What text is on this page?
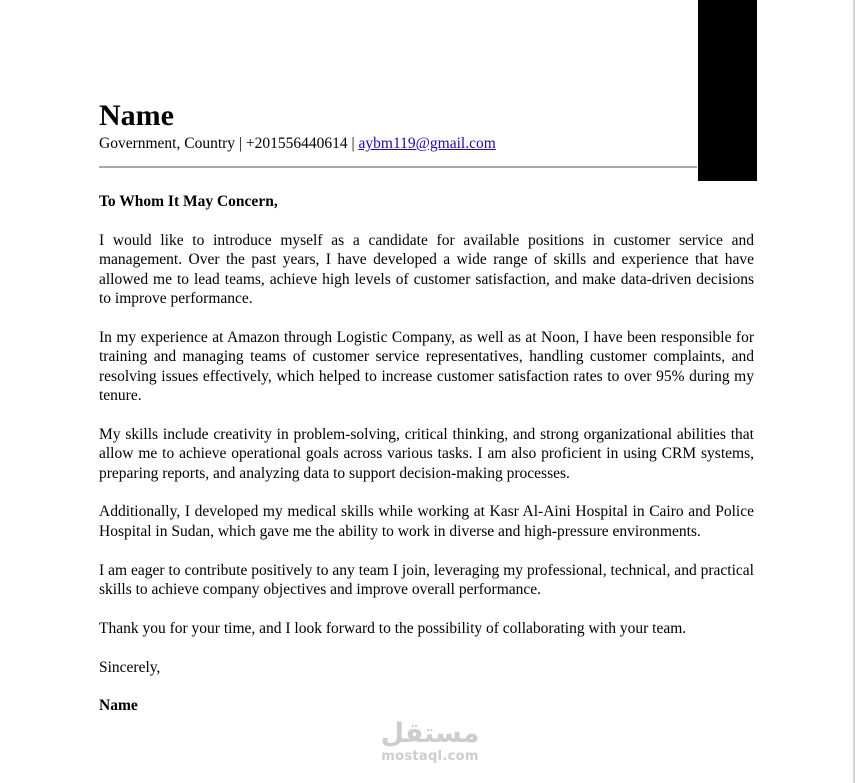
Name
Government, Country | +201556440614 | aybm119@gmail.com

To Whom It May Concern,

I would like to introduce myself as a candidate for available positions in customer service and management. Over the past years, I have developed a wide range of skills and experience that have allowed me to lead teams, achieve high levels of customer satisfaction, and make data-driven decisions to improve performance.

In my experience at Amazon through Logistic Company, as well as at Noon, I have been responsible for training and managing teams of customer service representatives, handling customer complaints, and resolving issues effectively, which helped to increase customer satisfaction rates to over 95% during my tenure.

My skills include creativity in problem-solving, critical thinking, and strong organizational abilities that allow me to achieve operational goals across various tasks. I am also proficient in using CRM systems, preparing reports, and analyzing data to support decision-making processes.

Additionally, I developed my medical skills while working at Kasr Al-Aini Hospital in Cairo and Police Hospital in Sudan, which gave me the ability to work in diverse and high-pressure environments.

I am eager to contribute positively to any team I join, leveraging my professional, technical, and practical skills to achieve company objectives and improve overall performance.

Thank you for your time, and I look forward to the possibility of collaborating with your team.

Sincerely,

Name

مستقل
mostaql.com
